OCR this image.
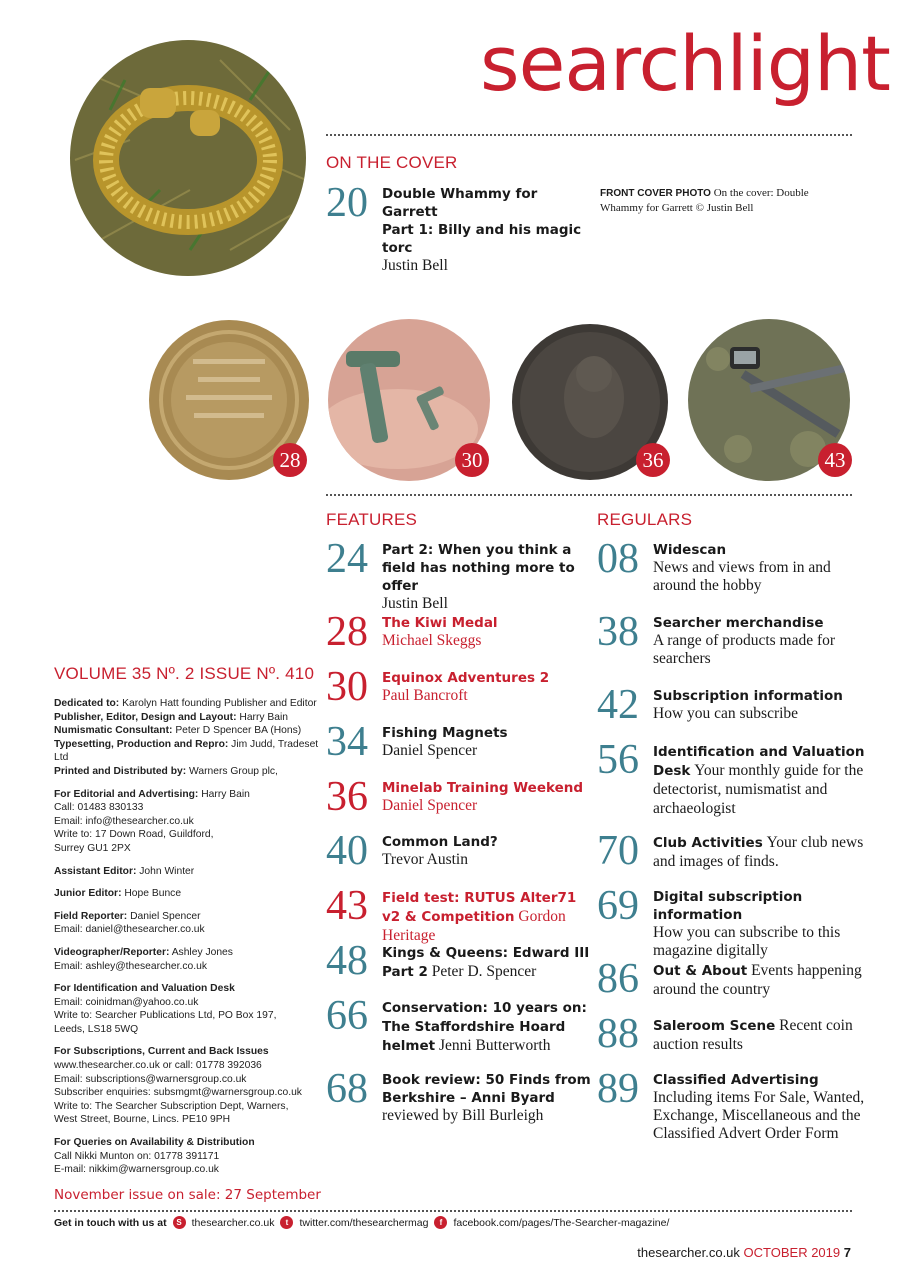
searchlight
ON THE COVER
20	Double Whammy for Garrett
Part 1: Billy and his magic torc
Justin Bell
FRONT COVER PHOTO On the cover: Double Whammy for Garrett © Justin Bell
28	30	36	43
FEATURES
24	Part 2: When you think a field has nothing more to offer
Justin Bell
28	The Kiwi Medal
Michael Skeggs
30	Equinox Adventures 2
Paul Bancroft
34	Fishing Magnets
Daniel Spencer
36	Minelab Training Weekend
Daniel Spencer
40	Common Land?
Trevor Austin
43	Field test: RUTUS Alter71 v2 & Competition Gordon Heritage
48	Kings & Queens: Edward III Part 2 Peter D. Spencer
66	Conservation: 10 years on: The Staffordshire Hoard helmet Jenni Butterworth
68	Book review: 50 Finds from Berkshire – Anni Byard
reviewed by Bill Burleigh
REGULARS
08	Widescan
News and views from in and around the hobby
38	Searcher merchandise
A range of products made for searchers
42	Subscription information
How you can subscribe
56	Identification and Valuation Desk Your monthly guide for the detectorist, numismatist and archaeologist
70	Club Activities Your club news and images of finds.
69	Digital subscription information
How you can subscribe to this magazine digitally
86	Out & About Events happening around the country
88	Saleroom Scene Recent coin auction results
89	Classified Advertising
Including items For Sale, Wanted, Exchange, Miscellaneous and the Classified Advert Order Form
VOLUME 35 Nº. 2 ISSUE Nº. 410
Dedicated to: Karolyn Hatt founding Publisher and Editor
Publisher, Editor, Design and Layout: Harry Bain
Numismatic Consultant: Peter D Spencer BA (Hons)
Typesetting, Production and Repro: Jim Judd, Tradeset Ltd
Printed and Distributed by: Warners Group plc,
For Editorial and Advertising: Harry Bain
Call: 01483 830133
Email: info@thesearcher.co.uk
Write to: 17 Down Road, Guildford,
Surrey GU1 2PX
Assistant Editor: John Winter
Junior Editor: Hope Bunce
Field Reporter: Daniel Spencer
Email: daniel@thesearcher.co.uk
Videographer/Reporter: Ashley Jones
Email: ashley@thesearcher.co.uk
For Identification and Valuation Desk
Email: coinidman@yahoo.co.uk
Write to: Searcher Publications Ltd, PO Box 197,
Leeds, LS18 5WQ
For Subscriptions, Current and Back Issues
www.thesearcher.co.uk or call: 01778 392036
Email: subscriptions@warnersgroup.co.uk
Subscriber enquiries: subsmgmt@warnersgroup.co.uk
Write to: The Searcher Subscription Dept, Warners,
West Street, Bourne, Lincs. PE10 9PH
For Queries on Availability & Distribution
Call Nikki Munton on: 01778 391171
E-mail: nikkim@warnersgroup.co.uk
November issue on sale: 27 September
Get in touch with us at	S thesearcher.co.uk	t	twitter.com/thesearchermag	f	facebook.com/pages/The-Searcher-magazine/
thesearcher.co.uk OCTOBER 2019 7
